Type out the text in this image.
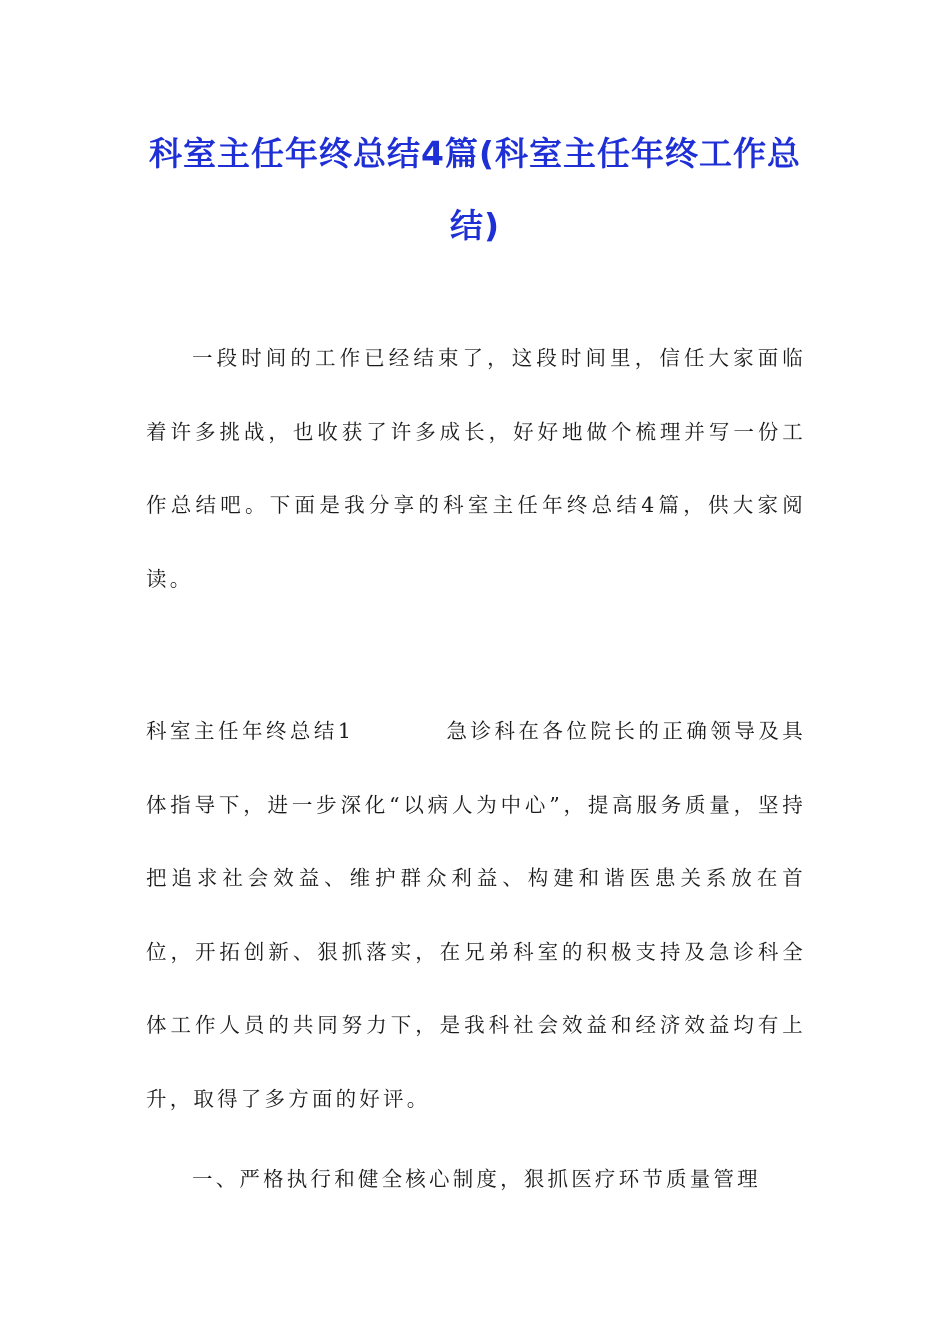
科室主任年终总结4篇(科室主任年终工作总结)

一段时间的工作已经结束了，这段时间里，信任大家面临着许多挑战，也收获了许多成长，好好地做个梳理并写一份工作总结吧。下面是我分享的科室主任年终总结4篇，供大家阅读。

科室主任年终总结1	急诊科在各位院长的正确领导及具体指导下，进一步深化“以病人为中心”，提高服务质量，坚持把追求社会效益、维护群众利益、构建和谐医患关系放在首位，开拓创新、狠抓落实，在兄弟科室的积极支持及急诊科全体工作人员的共同努力下，是我科社会效益和经济效益均有上升，取得了多方面的好评。

一、严格执行和健全核心制度，狠抓医疗环节质量管理
